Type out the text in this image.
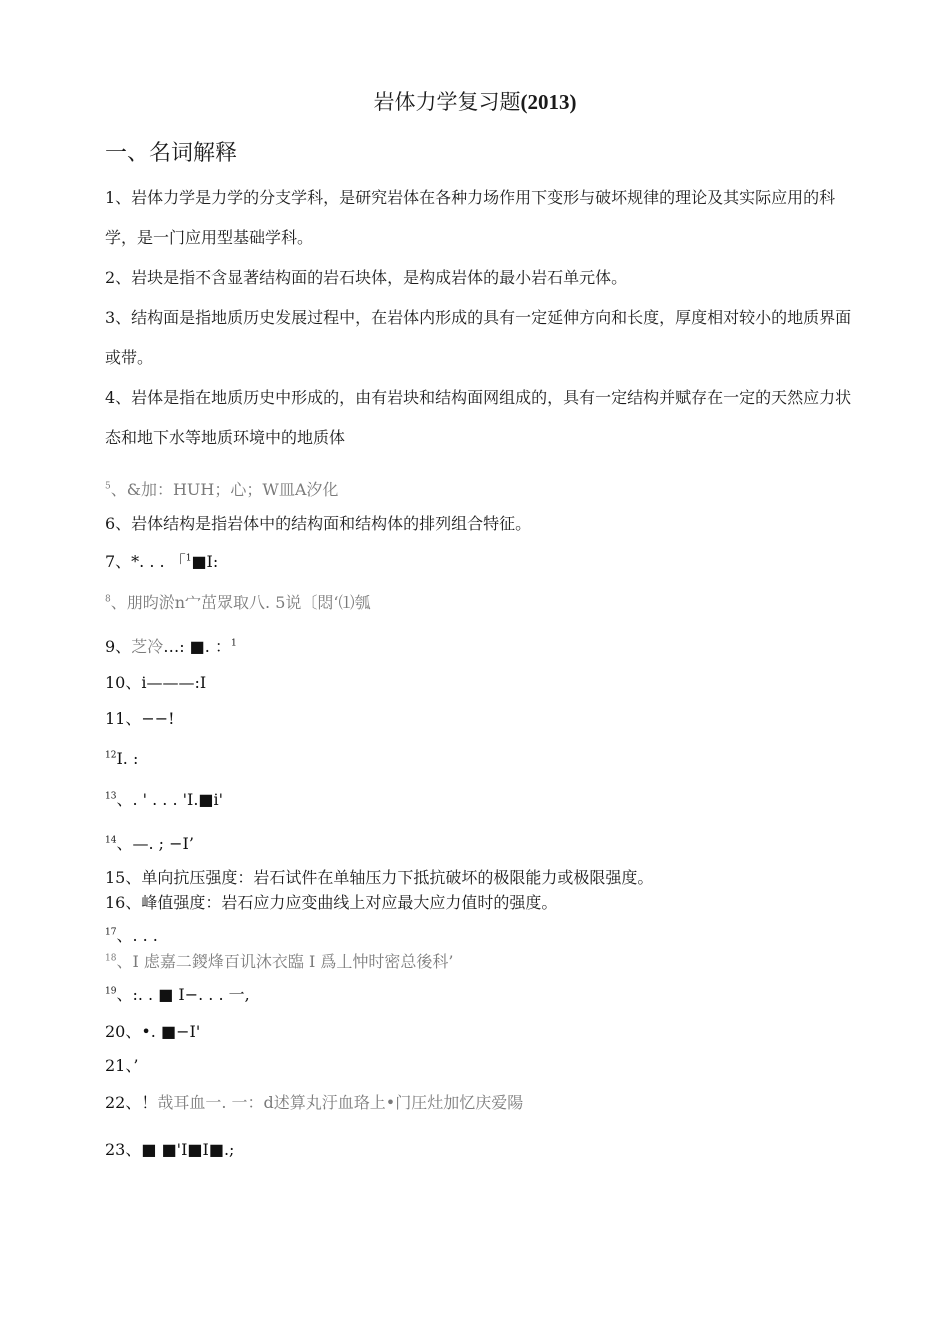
岩体力学复习题(2013)
一、名词解释
1、岩体力学是力学的分支学科，是研究岩体在各种力场作用下变形与破坏规律的理论及其实际应用的科学，是一门应用型基础学科。
2、岩块是指不含显著结构面的岩石块体，是构成岩体的最小岩石单元体。
3、结构面是指地质历史发展过程中，在岩体内形成的具有一定延伸方向和长度，厚度相对较小的地质界面或带。
4、岩体是指在地质历史中形成的，由有岩块和结构面网组成的，具有一定结构并赋存在一定的天然应力状态和地下水等地质环境中的地质体
$^5$、&加：HUH；心；W皿A汐化
6、岩体结构是指岩体中的结构面和结构体的排列组合特征。
7、*. . . 「$^1$■I:
$^8$、朋昀淤n宀茁眾取八. 5说〔悶‘⑴瓠
9、芝冷…: ■. ：$^1$
10、i———:I
11、−−!
$^{12}$I. :
$^{13}$、. ' . . . 'I.■i'
$^{14}$、—. ; −I’
15、单向抗压强度：岩石试件在单轴压力下抵抗破坏的极限能力或极限强度。
16、峰值强度：岩石应力应变曲线上对应最大应力值时的强度。
$^{17}$、. . .
$^{18}$、I 虑嘉二鍐烽百讥沐衣臨 I 爲丄忡时密总後科’
$^{19}$、:. . ■ I−. . . 一,
20、•. ■−I'
21、’
22、！哉耳血一. 一：d述算丸汙血珞上•门圧灶加忆庆爱陽
23、■ ■'I■I■.;
